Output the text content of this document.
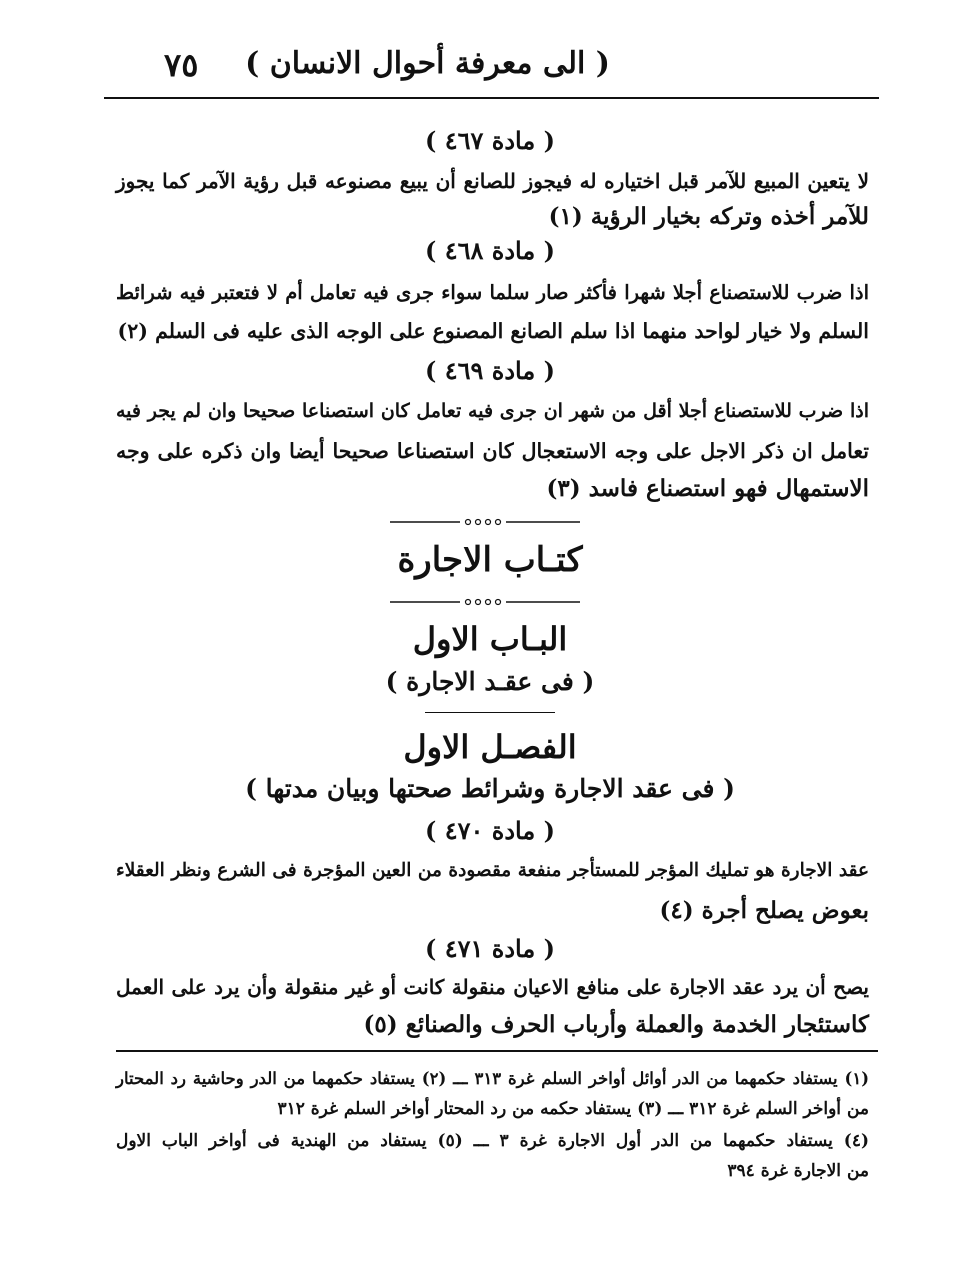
( الى معرفة أحوال الانسان )
٧٥
( مادة ٤٦٧ )
لا يتعين المبيع للآمر قبل اختياره له فيجوز للصانع أن يبيع مصنوعه قبل رؤية الآمر كما يجوز
للآمر أخذه وتركه بخيار الرؤية (١)
( مادة ٤٦٨ )
اذا ضرب للاستصناع أجلا شهرا فأكثر صار سلما سواء جرى فيه تعامل أم لا فتعتبر فيه شرائط
السلم ولا خيار لواحد منهما اذا سلم الصانع المصنوع على الوجه الذى عليه فى السلم (٢)
( مادة ٤٦٩ )
اذا ضرب للاستصناع أجلا أقل من شهر ان جرى فيه تعامل كان استصناعا صحيحا وان لم يجر فيه
تعامل ان ذكر الاجل على وجه الاستعجال كان استصناعا صحيحا أيضا وان ذكره على وجه
الاستمهال فهو استصناع فاسد (٣)
كتـاب الاجارة
البـاب الاول
( فى عقـد الاجارة )
الفصـل الاول
( فى عقد الاجارة وشرائط صحتها وبيان مدتها )
( مادة ٤٧٠ )
عقد الاجارة هو تمليك المؤجر للمستأجر منفعة مقصودة من العين المؤجرة فى الشرع ونظر العقلاء
بعوض يصلح أجرة (٤)
( مادة ٤٧١ )
يصح أن يرد عقد الاجارة على منافع الاعيان منقولة كانت أو غير منقولة وأن يرد على العمل
كاستئجار الخدمة والعملة وأرباب الحرف والصنائع (٥)
(١) يستفاد حكمهما من الدر أوائل أواخر السلم غرة ٣١٣ ـــ (٢) يستفاد حكمهما من الدر وحاشية رد المحتار
من أواخر السلم غرة ٣١٢ ـــ (٣) يستفاد حكمه من رد المحتار أواخر السلم غرة ٣١٢
(٤) يستفاد حكمهما من الدر أول الاجارة غرة ٣ ـــ (٥) يستفاد من الهندية فى أواخر الباب الاول
من الاجارة غرة ٣٩٤
